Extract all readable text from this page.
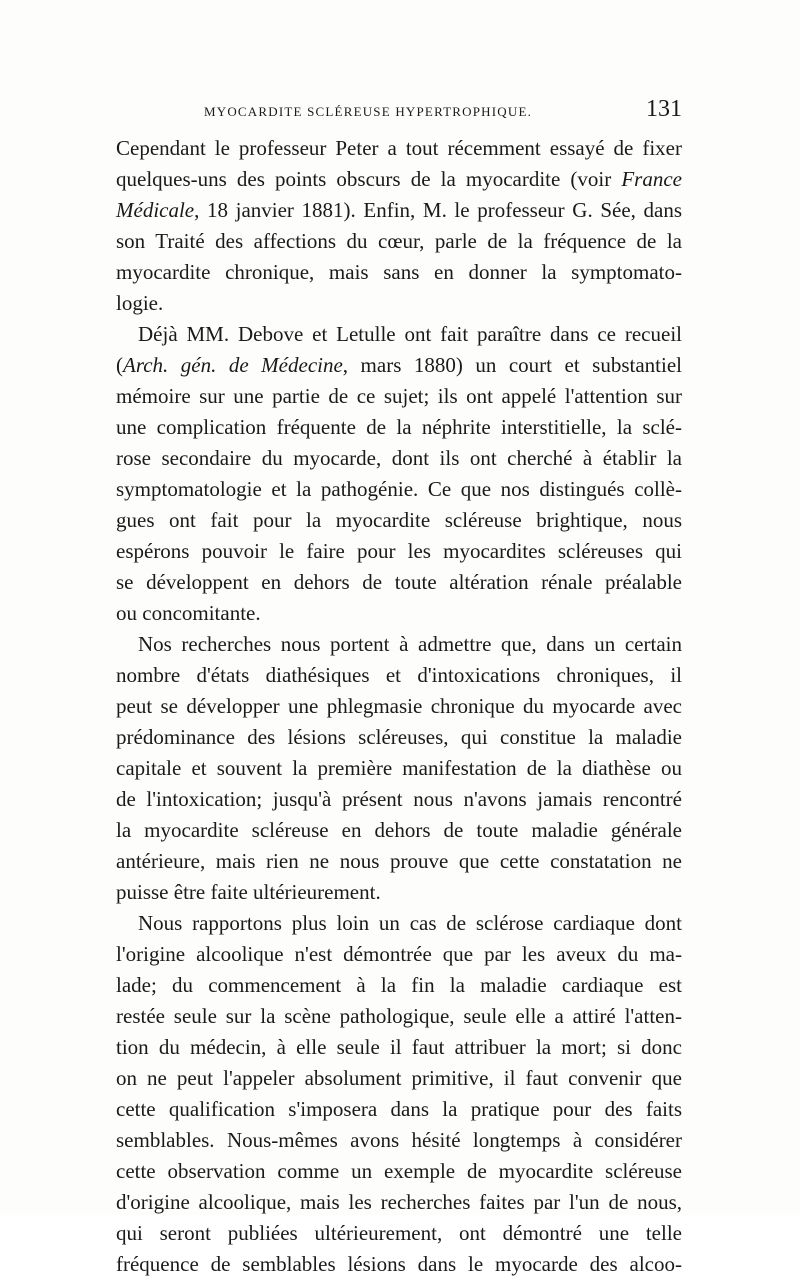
MYOCARDITE SCLÉREUSE HYPERTROPHIQUE.	131
Cependant le professeur Peter a tout récemment essayé de fixer
quelques-uns des points obscurs de la myocardite (voir France
Médicale, 18 janvier 1881). Enfin, M. le professeur G. Sée, dans
son Traité des affections du cœur, parle de la fréquence de la
myocardite chronique, mais sans en donner la symptomato-
logie.
Déjà MM. Debove et Letulle ont fait paraître dans ce recueil
(Arch. gén. de Médecine, mars 1880) un court et substantiel
mémoire sur une partie de ce sujet; ils ont appelé l'attention sur
une complication fréquente de la néphrite interstitielle, la sclé-
rose secondaire du myocarde, dont ils ont cherché à établir la
symptomatologie et la pathogénie. Ce que nos distingués collè-
gues ont fait pour la myocardite scléreuse brightique, nous
espérons pouvoir le faire pour les myocardites scléreuses qui
se développent en dehors de toute altération rénale préalable
ou concomitante.
Nos recherches nous portent à admettre que, dans un certain
nombre d'états diathésiques et d'intoxications chroniques, il
peut se développer une phlegmasie chronique du myocarde avec
prédominance des lésions scléreuses, qui constitue la maladie
capitale et souvent la première manifestation de la diathèse ou
de l'intoxication; jusqu'à présent nous n'avons jamais rencontré
la myocardite scléreuse en dehors de toute maladie générale
antérieure, mais rien ne nous prouve que cette constatation ne
puisse être faite ultérieurement.
Nous rapportons plus loin un cas de sclérose cardiaque dont
l'origine alcoolique n'est démontrée que par les aveux du ma-
lade; du commencement à la fin la maladie cardiaque est
restée seule sur la scène pathologique, seule elle a attiré l'atten-
tion du médecin, à elle seule il faut attribuer la mort; si donc
on ne peut l'appeler absolument primitive, il faut convenir que
cette qualification s'imposera dans la pratique pour des faits
semblables. Nous-mêmes avons hésité longtemps à considérer
cette observation comme un exemple de myocardite scléreuse
d'origine alcoolique, mais les recherches faites par l'un de nous,
qui seront publiées ultérieurement, ont démontré une telle
fréquence de semblables lésions dans le myocarde des alcoo-
